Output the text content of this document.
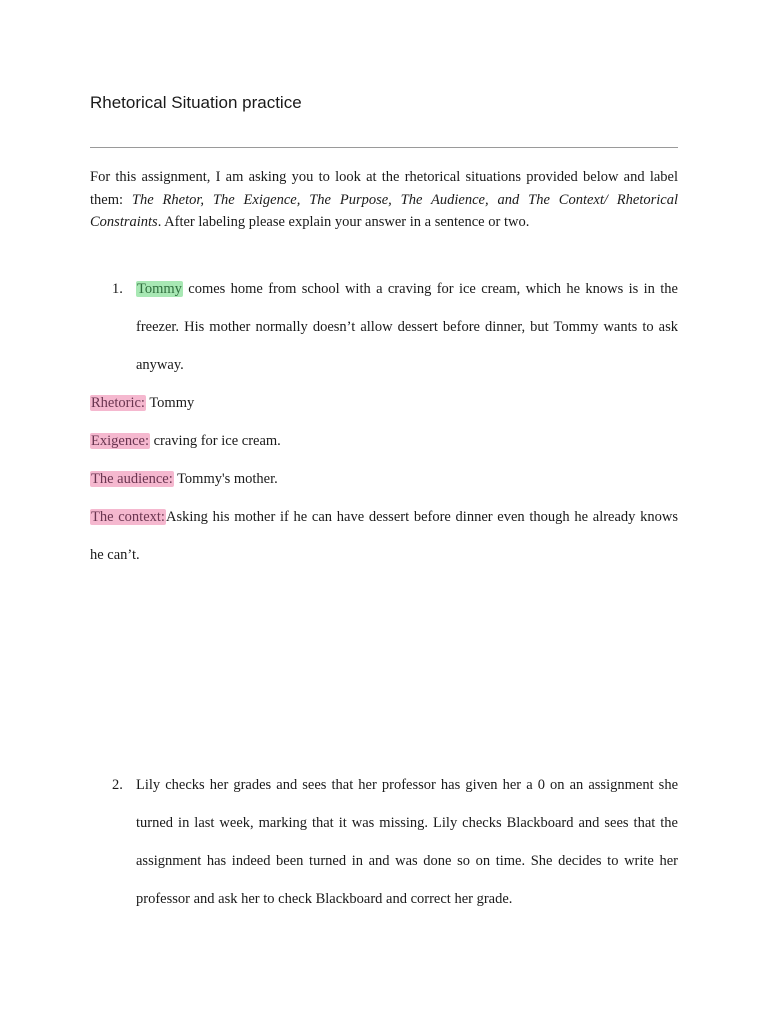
Rhetorical Situation practice

For this assignment, I am asking you to look at the rhetorical situations provided below and label them: The Rhetor, The Exigence, The Purpose, The Audience, and The Context/ Rhetorical Constraints. After labeling please explain your answer in a sentence or two.

1. Tommy comes home from school with a craving for ice cream, which he knows is in the freezer. His mother normally doesn’t allow dessert before dinner, but Tommy wants to ask anyway.
Rhetoric: Tommy
Exigence: craving for ice cream.
The audience: Tommy's mother.
The context:Asking his mother if he can have dessert before dinner even though he already knows he can’t.
2. Lily checks her grades and sees that her professor has given her a 0 on an assignment she turned in last week, marking that it was missing. Lily checks Blackboard and sees that the assignment has indeed been turned in and was done so on time. She decides to write her professor and ask her to check Blackboard and correct her grade.
